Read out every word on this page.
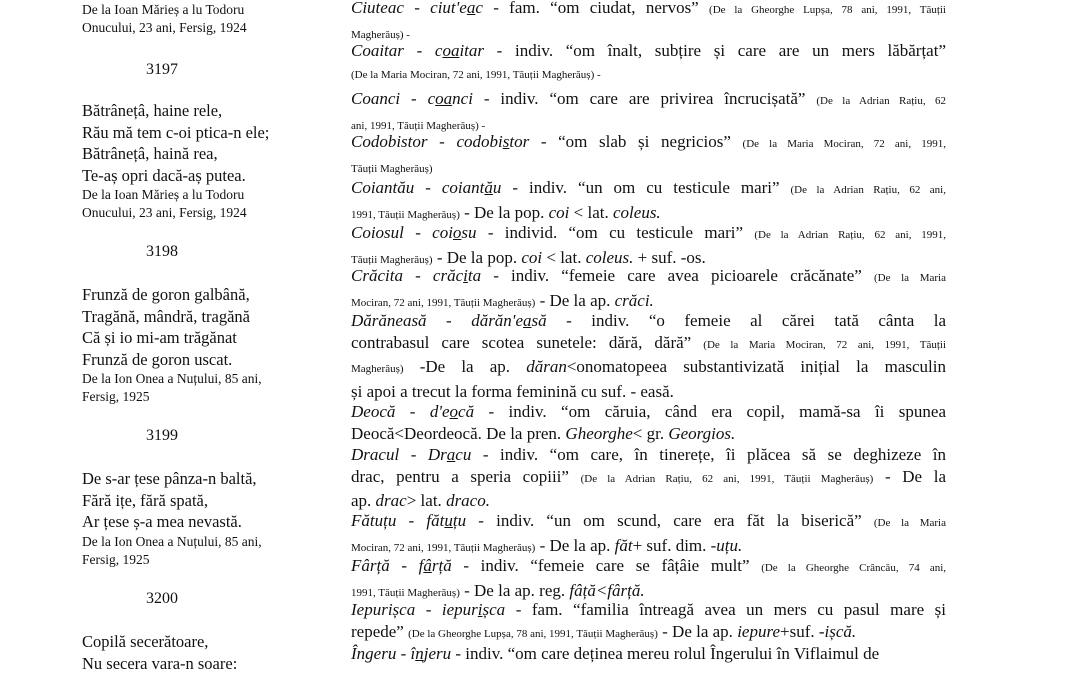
De la Ioan Mărieș a lu Todoru

Onucului, 23 ani, Fersig, 1924

3197

Bătrânețâ, haine rele,

Rău mă tem c-oi ptica-n ele;

Bătrânețâ, haină rea,

Te-aș opri dacă-aș putea.

De la Ioan Mărieș a lu Todoru

Onucului, 23 ani, Fersig, 1924

3198

Frunză de goron galbână,

Tragănă, mândră, tragănă

Că și io mi-am trăgănat

Frunză de goron uscat.

De la Ion Onea a Nuțului, 85 ani,

Fersig, 1925

3199

De s-ar țese pânza-n baltă,

Fără ițe, fără spată,

Ar țese ș-a mea nevastă.

De la Ion Onea a Nuțului, 85 ani,

Fersig, 1925

3200

Copilă secerătoare,

Nu secera vara-n soare:

Ciuteac - ciut'eac - fam. “om ciudat, nervos” (De la Gheorghe Lupșa, 78 ani, 1991, Tăuții
Magherăuș) -
Coaitar - coaitar - indiv. “om înalt, subțire și care are un mers lăbărțat”
(De la Maria Mociran, 72 ani, 1991, Tăuții Magherăuș) -
Coanci - coanci - indiv. “om care are privirea încrucișată” (De la Adrian Rațiu, 62
ani, 1991, Tăuții Magherăuș) -
Codobistor - codobistor - “om slab și negricios” (De la Maria Mociran, 72 ani, 1991,
Tăuții Magherăuș)
Coiantău - coiantău - indiv. “un om cu testicule mari” (De la Adrian Rațiu, 62 ani,
1991, Tăuții Magherăuș) - De la pop. coi < lat. coleus.
Coiosul - coiosu - individ. “om cu testicule mari” (De la Adrian Rațiu, 62 ani, 1991,
Tăuții Magherăuș) - De la pop. coi < lat. coleus. + suf. -os.
Crăcita - crăcita - indiv. “femeie care avea picioarele crăcănate” (De la Maria
Mociran, 72 ani, 1991, Tăuții Magherăuș) - De la ap. crăci.
Dărăneasă - dărăn'easă - indiv. “o femeie al cărei tată cânta la
contrabasul care scotea sunetele: dără, dără” (De la Maria Mociran, 72 ani, 1991, Tăuții
Magherăuș) -De la ap. dăran<onomatopeea substantivizată inițial la masculin
și apoi a trecut la forma feminină cu suf. - easă.
Deocă - d'eocă - indiv. “om căruia, când era copil, mamă-sa îi spunea
Deocă<Deordeocă. De la pren. Gheorghe< gr. Georgios.
Dracul - Dracu - indiv. “om care, în tinerețe, îi plăcea să se deghizeze în
drac, pentru a speria copiii” (De la Adrian Rațiu, 62 ani, 1991, Tăuții Magherăuș) - De la
ap. drac> lat. draco.
Fătuțu - fătuțu - indiv. “un om scund, care era făt la biserică” (De la Maria
Mociran, 72 ani, 1991, Tăuții Magherăuș) - De la ap. făt+ suf. dim. -uțu.
Fârță - fârță - indiv. “femeie care se fâțâie mult” (De la Gheorghe Crâncău, 74 ani,
1991, Tăuții Magherăuș) - De la ap. reg. fâță<fârță.
Iepurișca - iepurișca - fam. “familia întreagă avea un mers cu pasul mare și
repede” (De la Gheorghe Lupșa, 78 ani, 1991, Tăuții Magherăuș) - De la ap. iepure+suf. -ișcă.
Îngeru - înjeru - indiv. “om care deținea mereu rolul Îngerului în Viflaimul de
